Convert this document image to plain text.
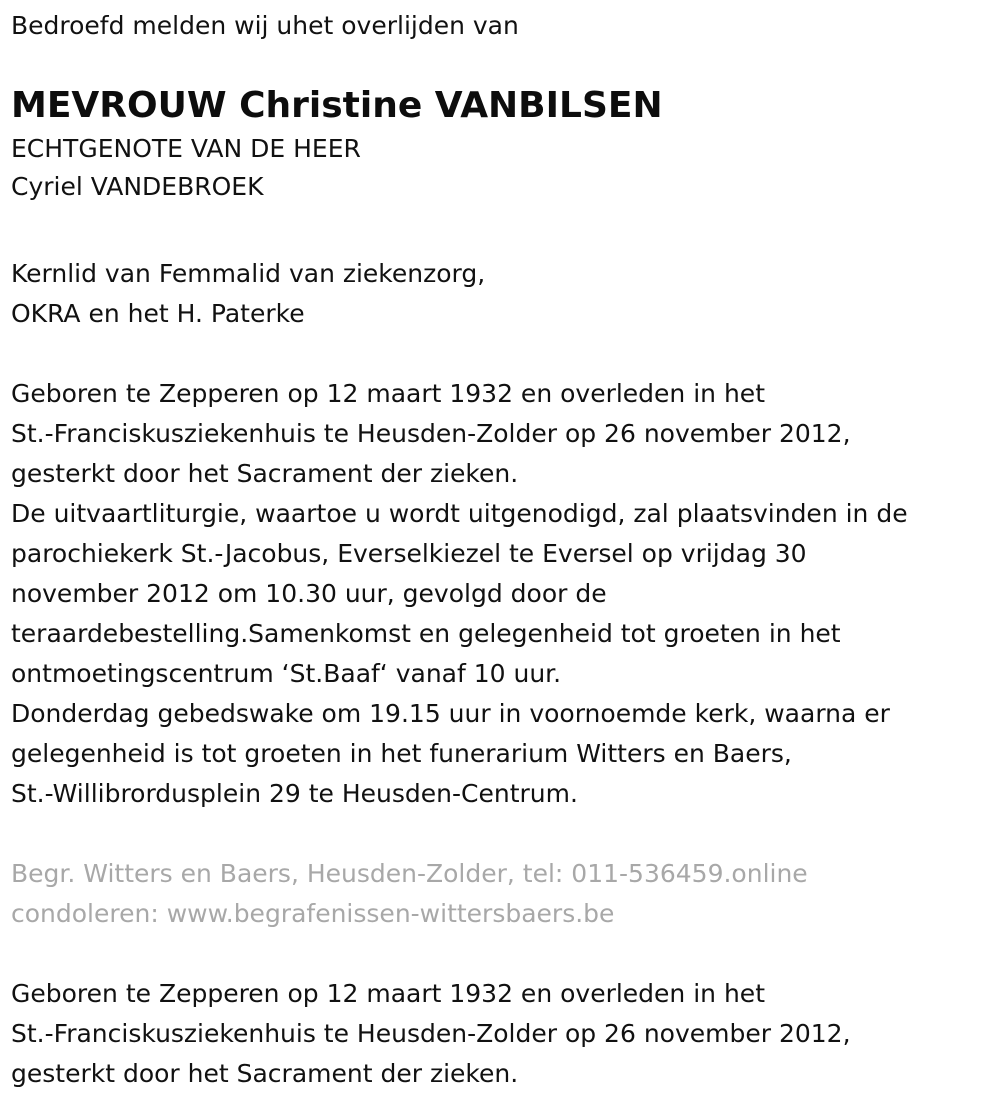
Bedroefd melden wij uhet overlijden van
MEVROUW Christine VANBILSEN
ECHTGENOTE VAN DE HEER
Cyriel VANDEBROEK
Kernlid van Femmalid van ziekenzorg,
OKRA en het H. Paterke
Geboren te Zepperen op 12 maart 1932 en overleden in het
St.-Franciskusziekenhuis te Heusden-Zolder op 26 november 2012,
gesterkt door het Sacrament der zieken.
De uitvaartliturgie, waartoe u wordt uitgenodigd, zal plaatsvinden in de
parochiekerk St.-Jacobus, Everselkiezel te Eversel op vrijdag 30
november 2012 om 10.30 uur, gevolgd door de
teraardebestelling.Samenkomst en gelegenheid tot groeten in het
ontmoetingscentrum ‘St.Baaf‘ vanaf 10 uur.
Donderdag gebedswake om 19.15 uur in voornoemde kerk, waarna er
gelegenheid is tot groeten in het funerarium Witters en Baers,
St.-Willibrordusplein 29 te Heusden-Centrum.
Begr. Witters en Baers, Heusden-Zolder, tel: 011-536459.online
condoleren: www.begrafenissen-wittersbaers.be
Geboren te Zepperen op 12 maart 1932 en overleden in het
St.-Franciskusziekenhuis te Heusden-Zolder op 26 november 2012,
gesterkt door het Sacrament der zieken.
